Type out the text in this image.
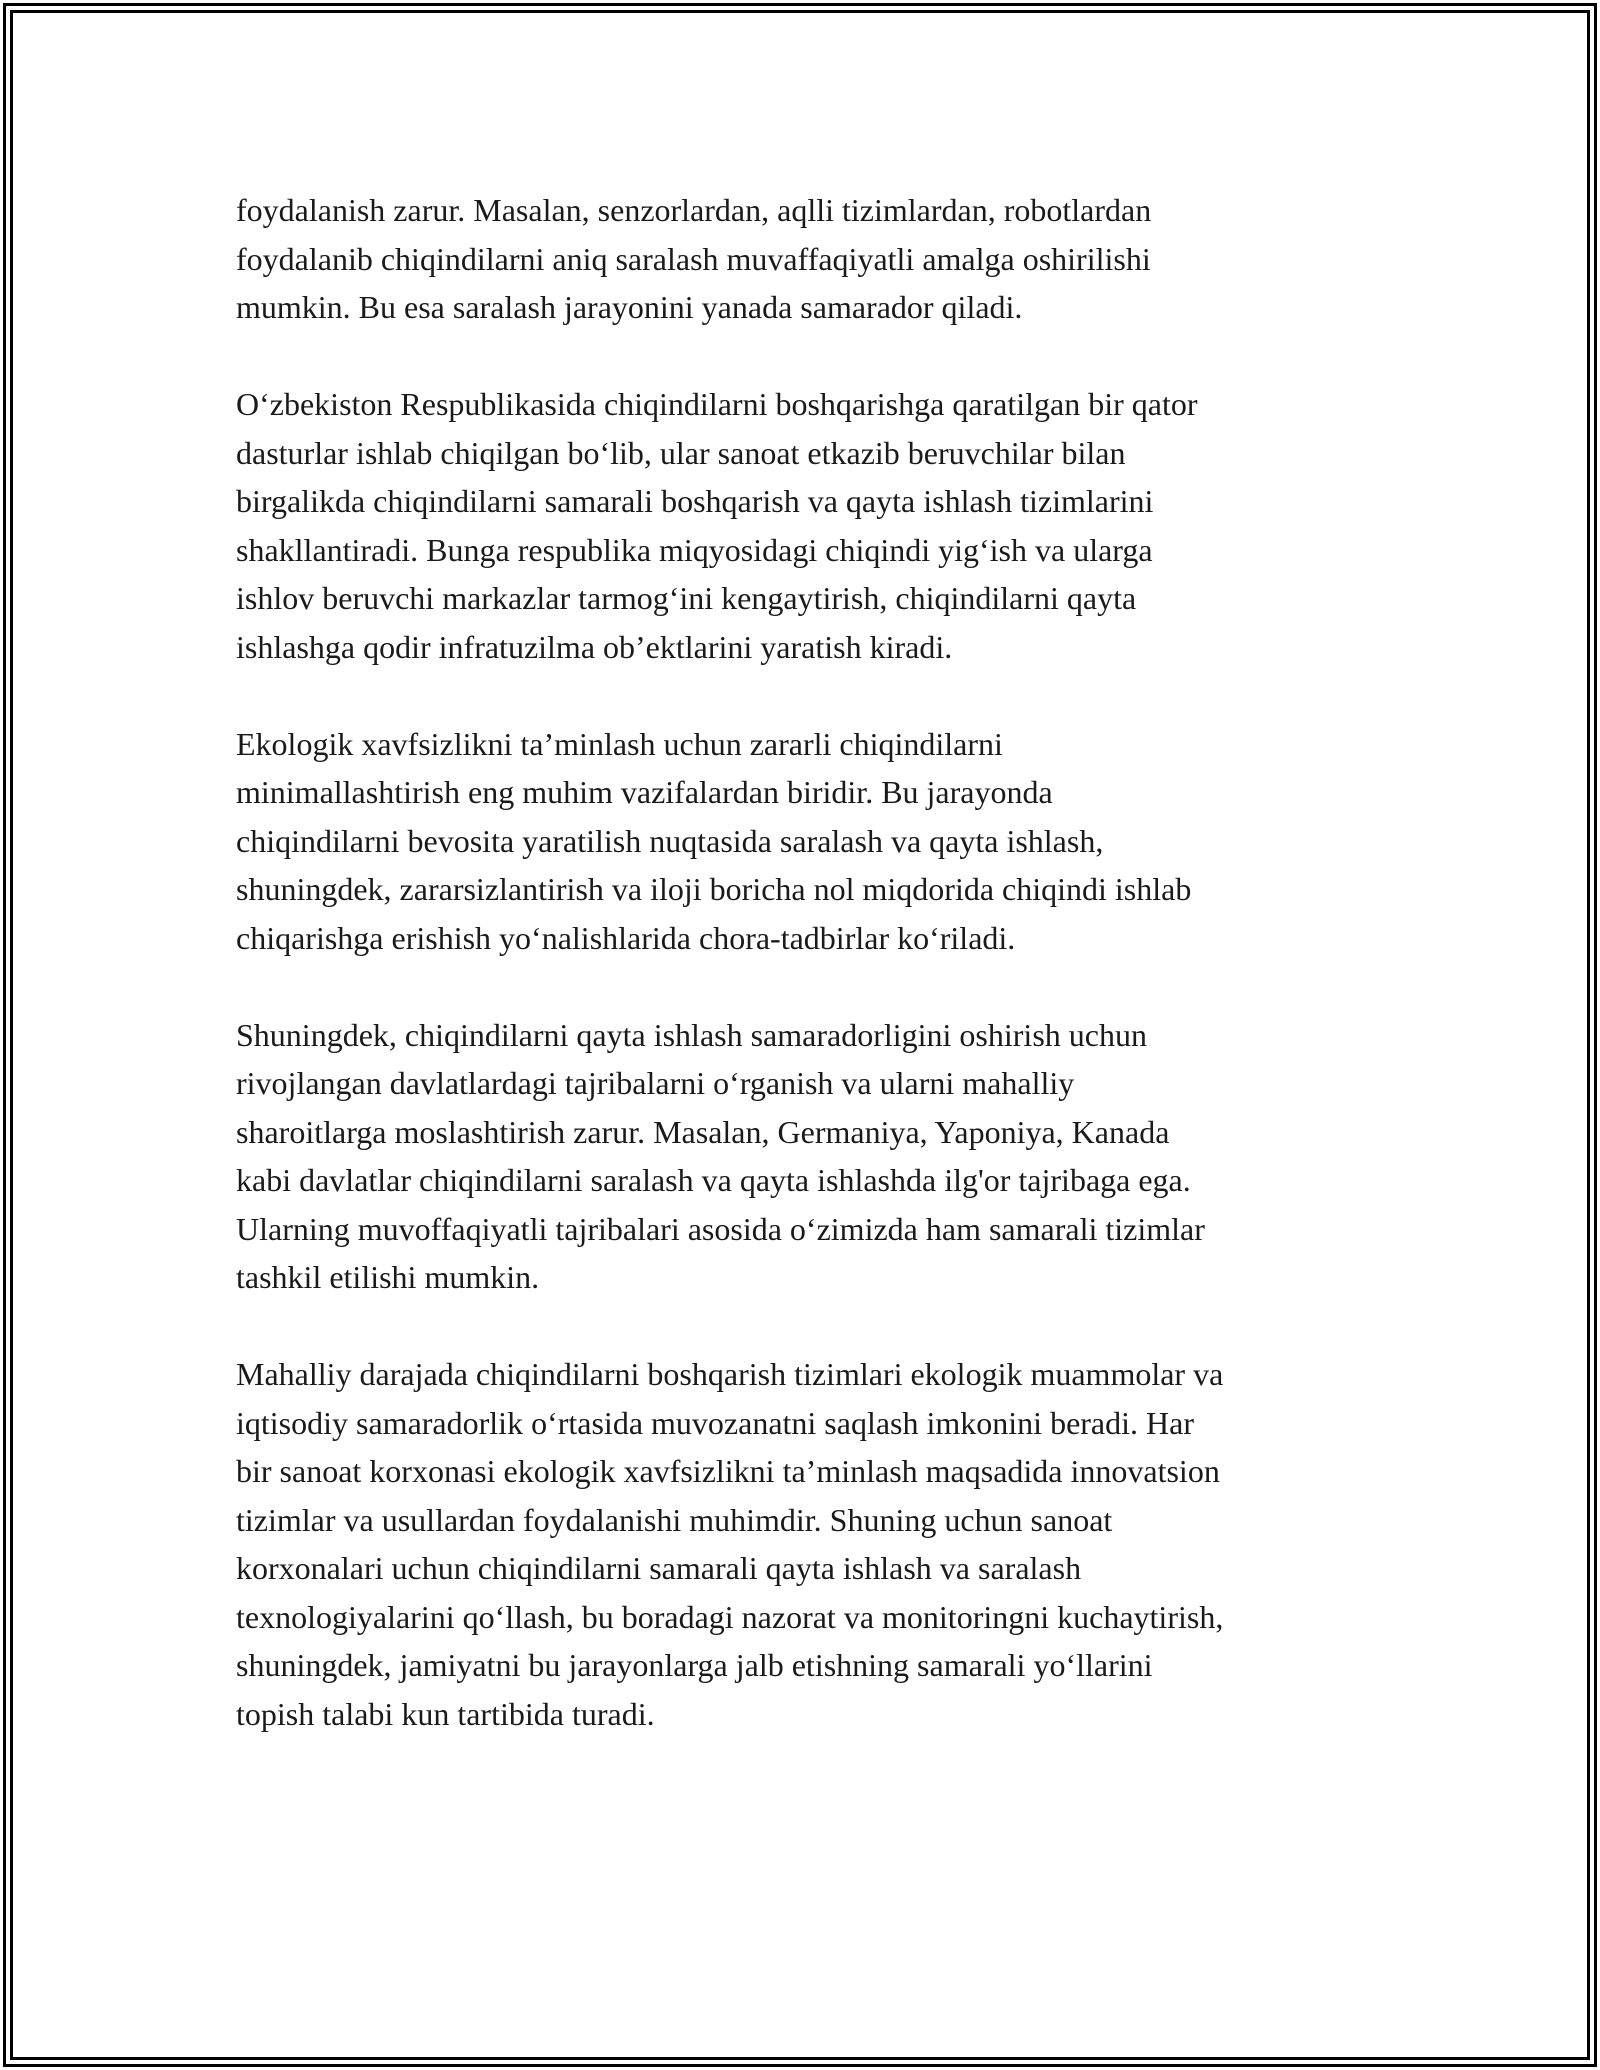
foydalanish zarur. Masalan, senzorlardan, aqlli tizimlardan, robotlardan
foydalanib chiqindilarni aniq saralash muvaffaqiyatli amalga oshirilishi
mumkin. Bu esa saralash jarayonini yanada samarador qiladi.
O‘zbekiston Respublikasida chiqindilarni boshqarishga qaratilgan bir qator
dasturlar ishlab chiqilgan bo‘lib, ular sanoat etkazib beruvchilar bilan
birgalikda chiqindilarni samarali boshqarish va qayta ishlash tizimlarini
shakllantiradi. Bunga respublika miqyosidagi chiqindi yig‘ish va ularga
ishlov beruvchi markazlar tarmog‘ini kengaytirish, chiqindilarni qayta
ishlashga qodir infratuzilma ob’ektlarini yaratish kiradi.
Ekologik xavfsizlikni ta’minlash uchun zararli chiqindilarni
minimallashtirish eng muhim vazifalardan biridir. Bu jarayonda
chiqindilarni bevosita yaratilish nuqtasida saralash va qayta ishlash,
shuningdek, zararsizlantirish va iloji boricha nol miqdorida chiqindi ishlab
chiqarishga erishish yo‘nalishlarida chora-tadbirlar ko‘riladi.
Shuningdek, chiqindilarni qayta ishlash samaradorligini oshirish uchun
rivojlangan davlatlardagi tajribalarni o‘rganish va ularni mahalliy
sharoitlarga moslashtirish zarur. Masalan, Germaniya, Yaponiya, Kanada
kabi davlatlar chiqindilarni saralash va qayta ishlashda ilg'or tajribaga ega.
Ularning muvoffaqiyatli tajribalari asosida o‘zimizda ham samarali tizimlar
tashkil etilishi mumkin.
Mahalliy darajada chiqindilarni boshqarish tizimlari ekologik muammolar va
iqtisodiy samaradorlik o‘rtasida muvozanatni saqlash imkonini beradi. Har
bir sanoat korxonasi ekologik xavfsizlikni ta’minlash maqsadida innovatsion
tizimlar va usullardan foydalanishi muhimdir. Shuning uchun sanoat
korxonalari uchun chiqindilarni samarali qayta ishlash va saralash
texnologiyalarini qo‘llash, bu boradagi nazorat va monitoringni kuchaytirish,
shuningdek, jamiyatni bu jarayonlarga jalb etishning samarali yo‘llarini
topish talabi kun tartibida turadi.
